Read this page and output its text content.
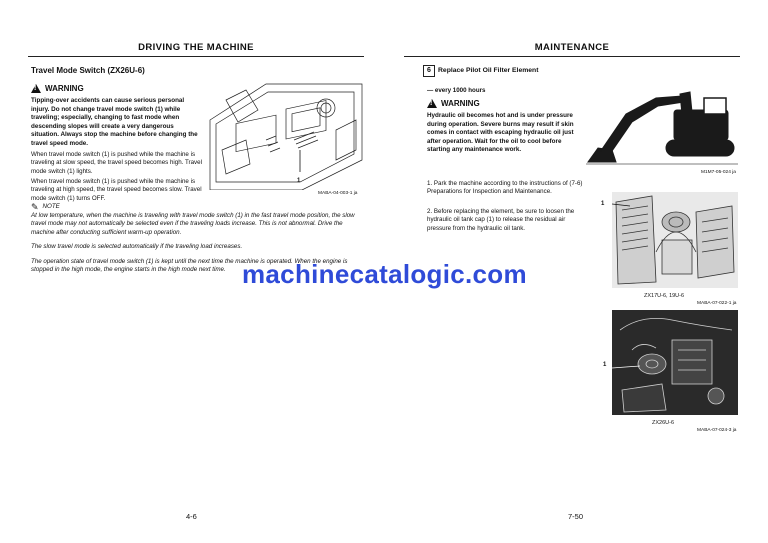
DRIVING THE MACHINE
Travel Mode Switch (ZX26U-6)
! WARNING
Tipping-over accidents can cause serious personal injury. Do not change travel mode switch (1) while traveling; especially, changing to fast mode when descending slopes will create a very dangerous situation. Always stop the machine before changing the travel speed mode.
When travel mode switch (1) is pushed while the machine is traveling at slow speed, the travel speed becomes high. Travel mode switch (1) lights.
When travel mode switch (1) is pushed while the machine is traveling at high speed, the travel speed becomes slow. Travel mode switch (1) turns OFF.
1
MABA-04-003-1 ja
✎ NOTE
At low temperature, when the machine is traveling with travel mode switch (1) in the fast travel mode position, the slow travel mode may not automatically be selected even if the traveling loads increase. This is not abnormal. Drive the machine after conducting sufficient warm-up operation.
The slow travel mode is selected automatically if the traveling load increases.
The operation state of travel mode switch (1) is kept until the next time the machine is operated. When the engine is stopped in the high mode, the engine starts in the high mode next time.
4-6
MAINTENANCE
6	Replace Pilot Oil Filter Element
— every 1000 hours
! WARNING
Hydraulic oil becomes hot and is under pressure during operation. Severe burns may result if skin comes in contact with escaping hydraulic oil just after operation. Wait for the oil to cool before starting any maintenance work.
1. Park the machine according to the instructions of (7-6) Preparations for Inspection and Maintenance.
2. Before replacing the element, be sure to loosen the hydraulic oil tank cap (1) to release the residual air pressure from the hydraulic oil tank.
M1M7-05-024 ja
1
ZX17U-6, 19U-6
MABA-07-022-1 ja
1
ZX26U-6
MABA-07-024-3 ja
7-50
machinecatalogic.com
